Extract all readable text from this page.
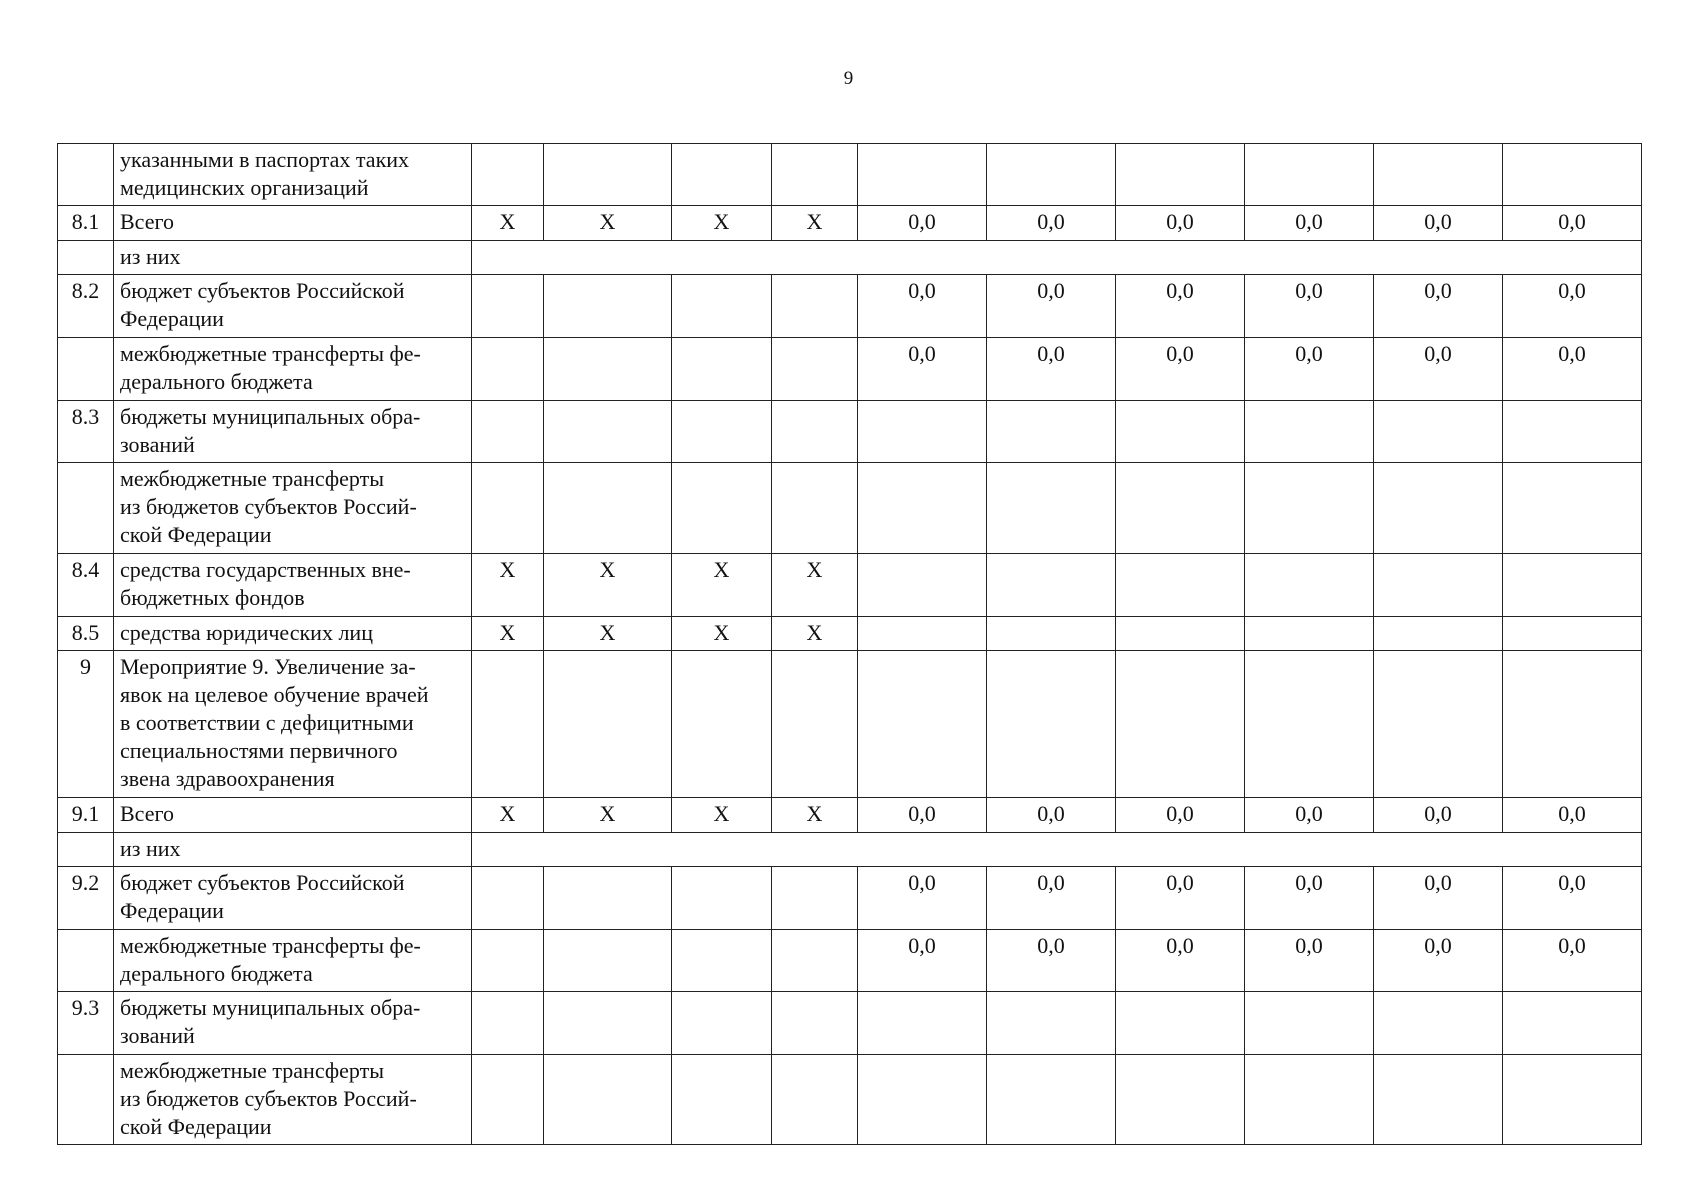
9

	указанными в паспортах таких
медицинских организаций										

8.1	Всего	X	X	X	X	0,0	0,0	0,0	0,0	0,0	0,0

	из них										

8.2	бюджет субъектов Российской
Федерации					0,0	0,0	0,0	0,0	0,0	0,0

	межбюджетные трансферты фе-
дерального бюджета					0,0	0,0	0,0	0,0	0,0	0,0
8.3	бюджеты муниципальных обра-
зований										

	межбюджетные трансферты
из бюджетов субъектов Россий-
ской Федерации										

8.4	средства государственных вне-
бюджетных фондов	X	X	X	X						
8.5	средства юридических лиц	X	X	X	X						
9	Мероприятие 9. Увеличение за-
явок на целевое обучение врачей
в соответствии с дефицитными
специальностями первичного
звена здравоохранения										

9.1	Всего	X	X	X	X	0,0	0,0	0,0	0,0	0,0	0,0

	из них										

9.2	бюджет субъектов Российской
Федерации					0,0	0,0	0,0	0,0	0,0	0,0

	межбюджетные трансферты фе-
дерального бюджета					0,0	0,0	0,0	0,0	0,0	0,0
9.3	бюджеты муниципальных обра-
зований										

	межбюджетные трансферты
из бюджетов субъектов Россий-
ской Федерации										
